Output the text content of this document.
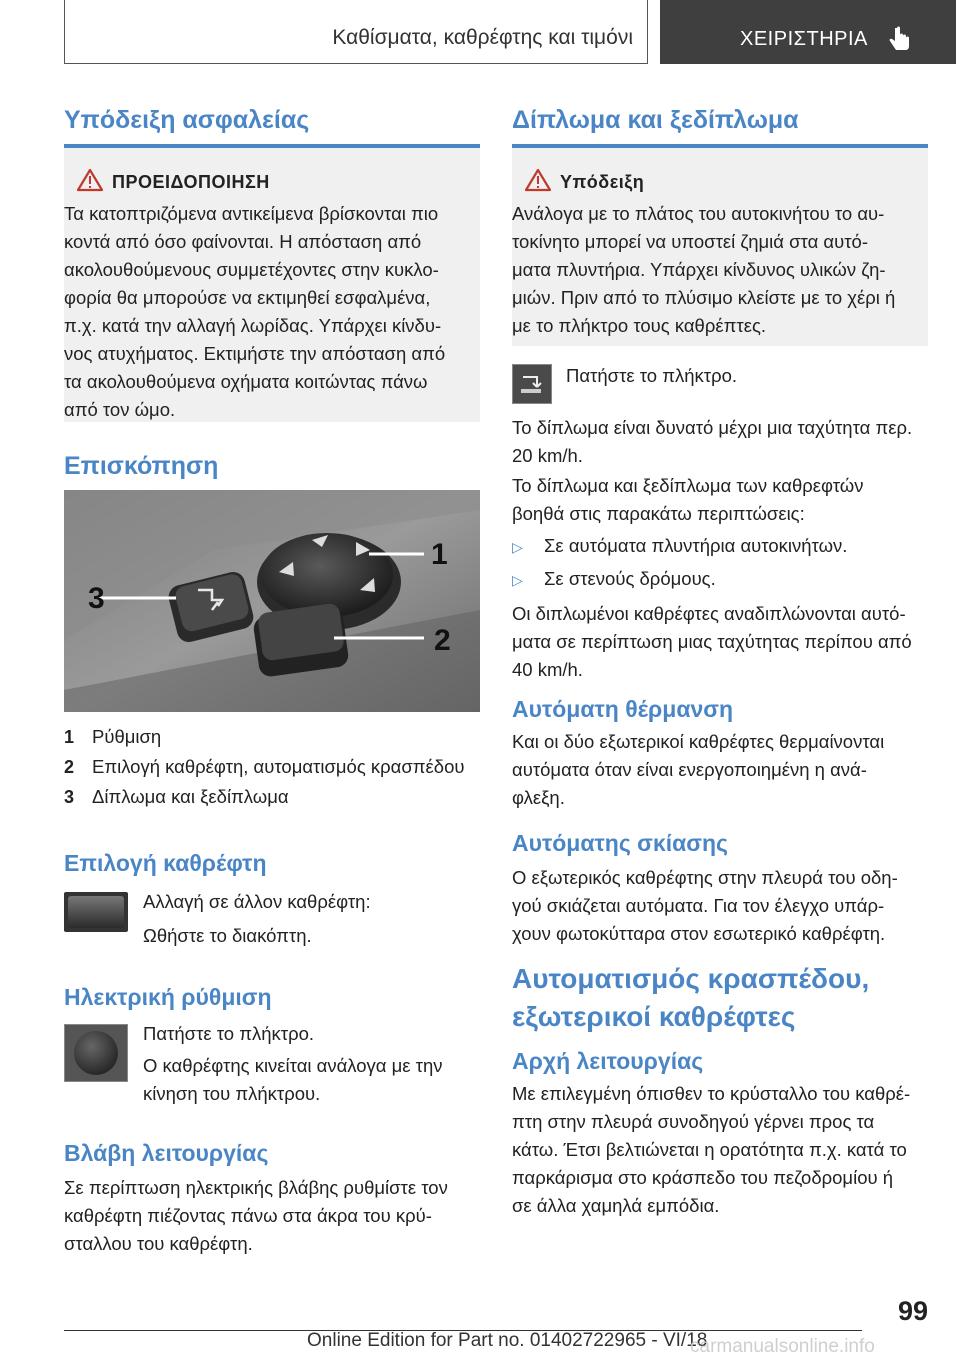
Καθίσματα, καθρέφτης και τιμόνι	ΧΕΙΡΙΣΤΗΡΙΑ
Υπόδειξη ασφαλείας
ΠΡΟΕΙΔΟΠΟΙΗΣΗ

Τα κατοπτριζόμενα αντικείμενα βρίσκονται πιο

κοντά από όσο φαίνονται. Η απόσταση από

ακολουθούμενους συμμετέχοντες στην κυκλο‐

φορία θα μπορούσε να εκτιμηθεί εσφαλμένα,

π.χ. κατά την αλλαγή λωρίδας. Υπάρχει κίνδυ‐

νος ατυχήματος. Εκτιμήστε την απόσταση από

τα ακολουθούμενα οχήματα κοιτώντας πάνω

από τον ώμο.

Επισκόπηση
1
2
3
1 Ρύθμιση
2 Επιλογή καθρέφτη, αυτοματισμός κρασπέδου
3 Δίπλωμα και ξεδίπλωμα
Επιλογή καθρέφτη
Αλλαγή σε άλλον καθρέφτη:
Ωθήστε το διακόπτη.
Ηλεκτρική ρύθμιση
Πατήστε το πλήκτρο.

Ο καθρέφτης κινείται ανάλογα με την

κίνηση του πλήκτρου.

Βλάβη λειτουργίας

Σε περίπτωση ηλεκτρικής βλάβης ρυθμίστε τον

καθρέφτη πιέζοντας πάνω στα άκρα του κρύ‐

σταλλου του καθρέφτη.

Δίπλωμα και ξεδίπλωμα
Υπόδειξη

Ανάλογα με το πλάτος του αυτοκινήτου το αυ‐

τοκίνητο μπορεί να υποστεί ζημιά στα αυτό‐

ματα πλυντήρια. Υπάρχει κίνδυνος υλικών ζη‐

μιών. Πριν από το πλύσιμο κλείστε με το χέρι ή

με το πλήκτρο τους καθρέπτες.

Πατήστε το πλήκτρο.

Το δίπλωμα είναι δυνατό μέχρι μια ταχύτητα περ.

20 km/h.

Το δίπλωμα και ξεδίπλωμα των καθρεφτών

βοηθά στις παρακάτω περιπτώσεις:

▷ Σε αυτόματα πλυντήρια αυτοκινήτων.

▷ Σε στενούς δρόμους.

Οι διπλωμένοι καθρέφτες αναδιπλώνονται αυτό‐

ματα σε περίπτωση μιας ταχύτητας περίπου από

40 km/h.

Αυτόματη θέρμανση

Και οι δύο εξωτερικοί καθρέφτες θερμαίνονται

αυτόματα όταν είναι ενεργοποιημένη η ανά‐

φλεξη.

Αυτόματης σκίασης

Ο εξωτερικός καθρέφτης στην πλευρά του οδη‐

γού σκιάζεται αυτόματα. Για τον έλεγχο υπάρ‐

χουν φωτοκύτταρα στον εσωτερικό καθρέφτη.

Αυτοματισμός κρασπέδου,
εξωτερικοί καθρέφτες
Αρχή λειτουργίας

Με επιλεγμένη όπισθεν το κρύσταλλο του καθρέ‐

πτη στην πλευρά συνοδηγού γέρνει προς τα

κάτω. Έτσι βελτιώνεται η ορατότητα π.χ. κατά το

παρκάρισμα στο κράσπεδο του πεζοδρομίου ή

σε άλλα χαμηλά εμπόδια.

99
Online Edition for Part no. 01402722965 - VI/18
carmanualsonline.info
